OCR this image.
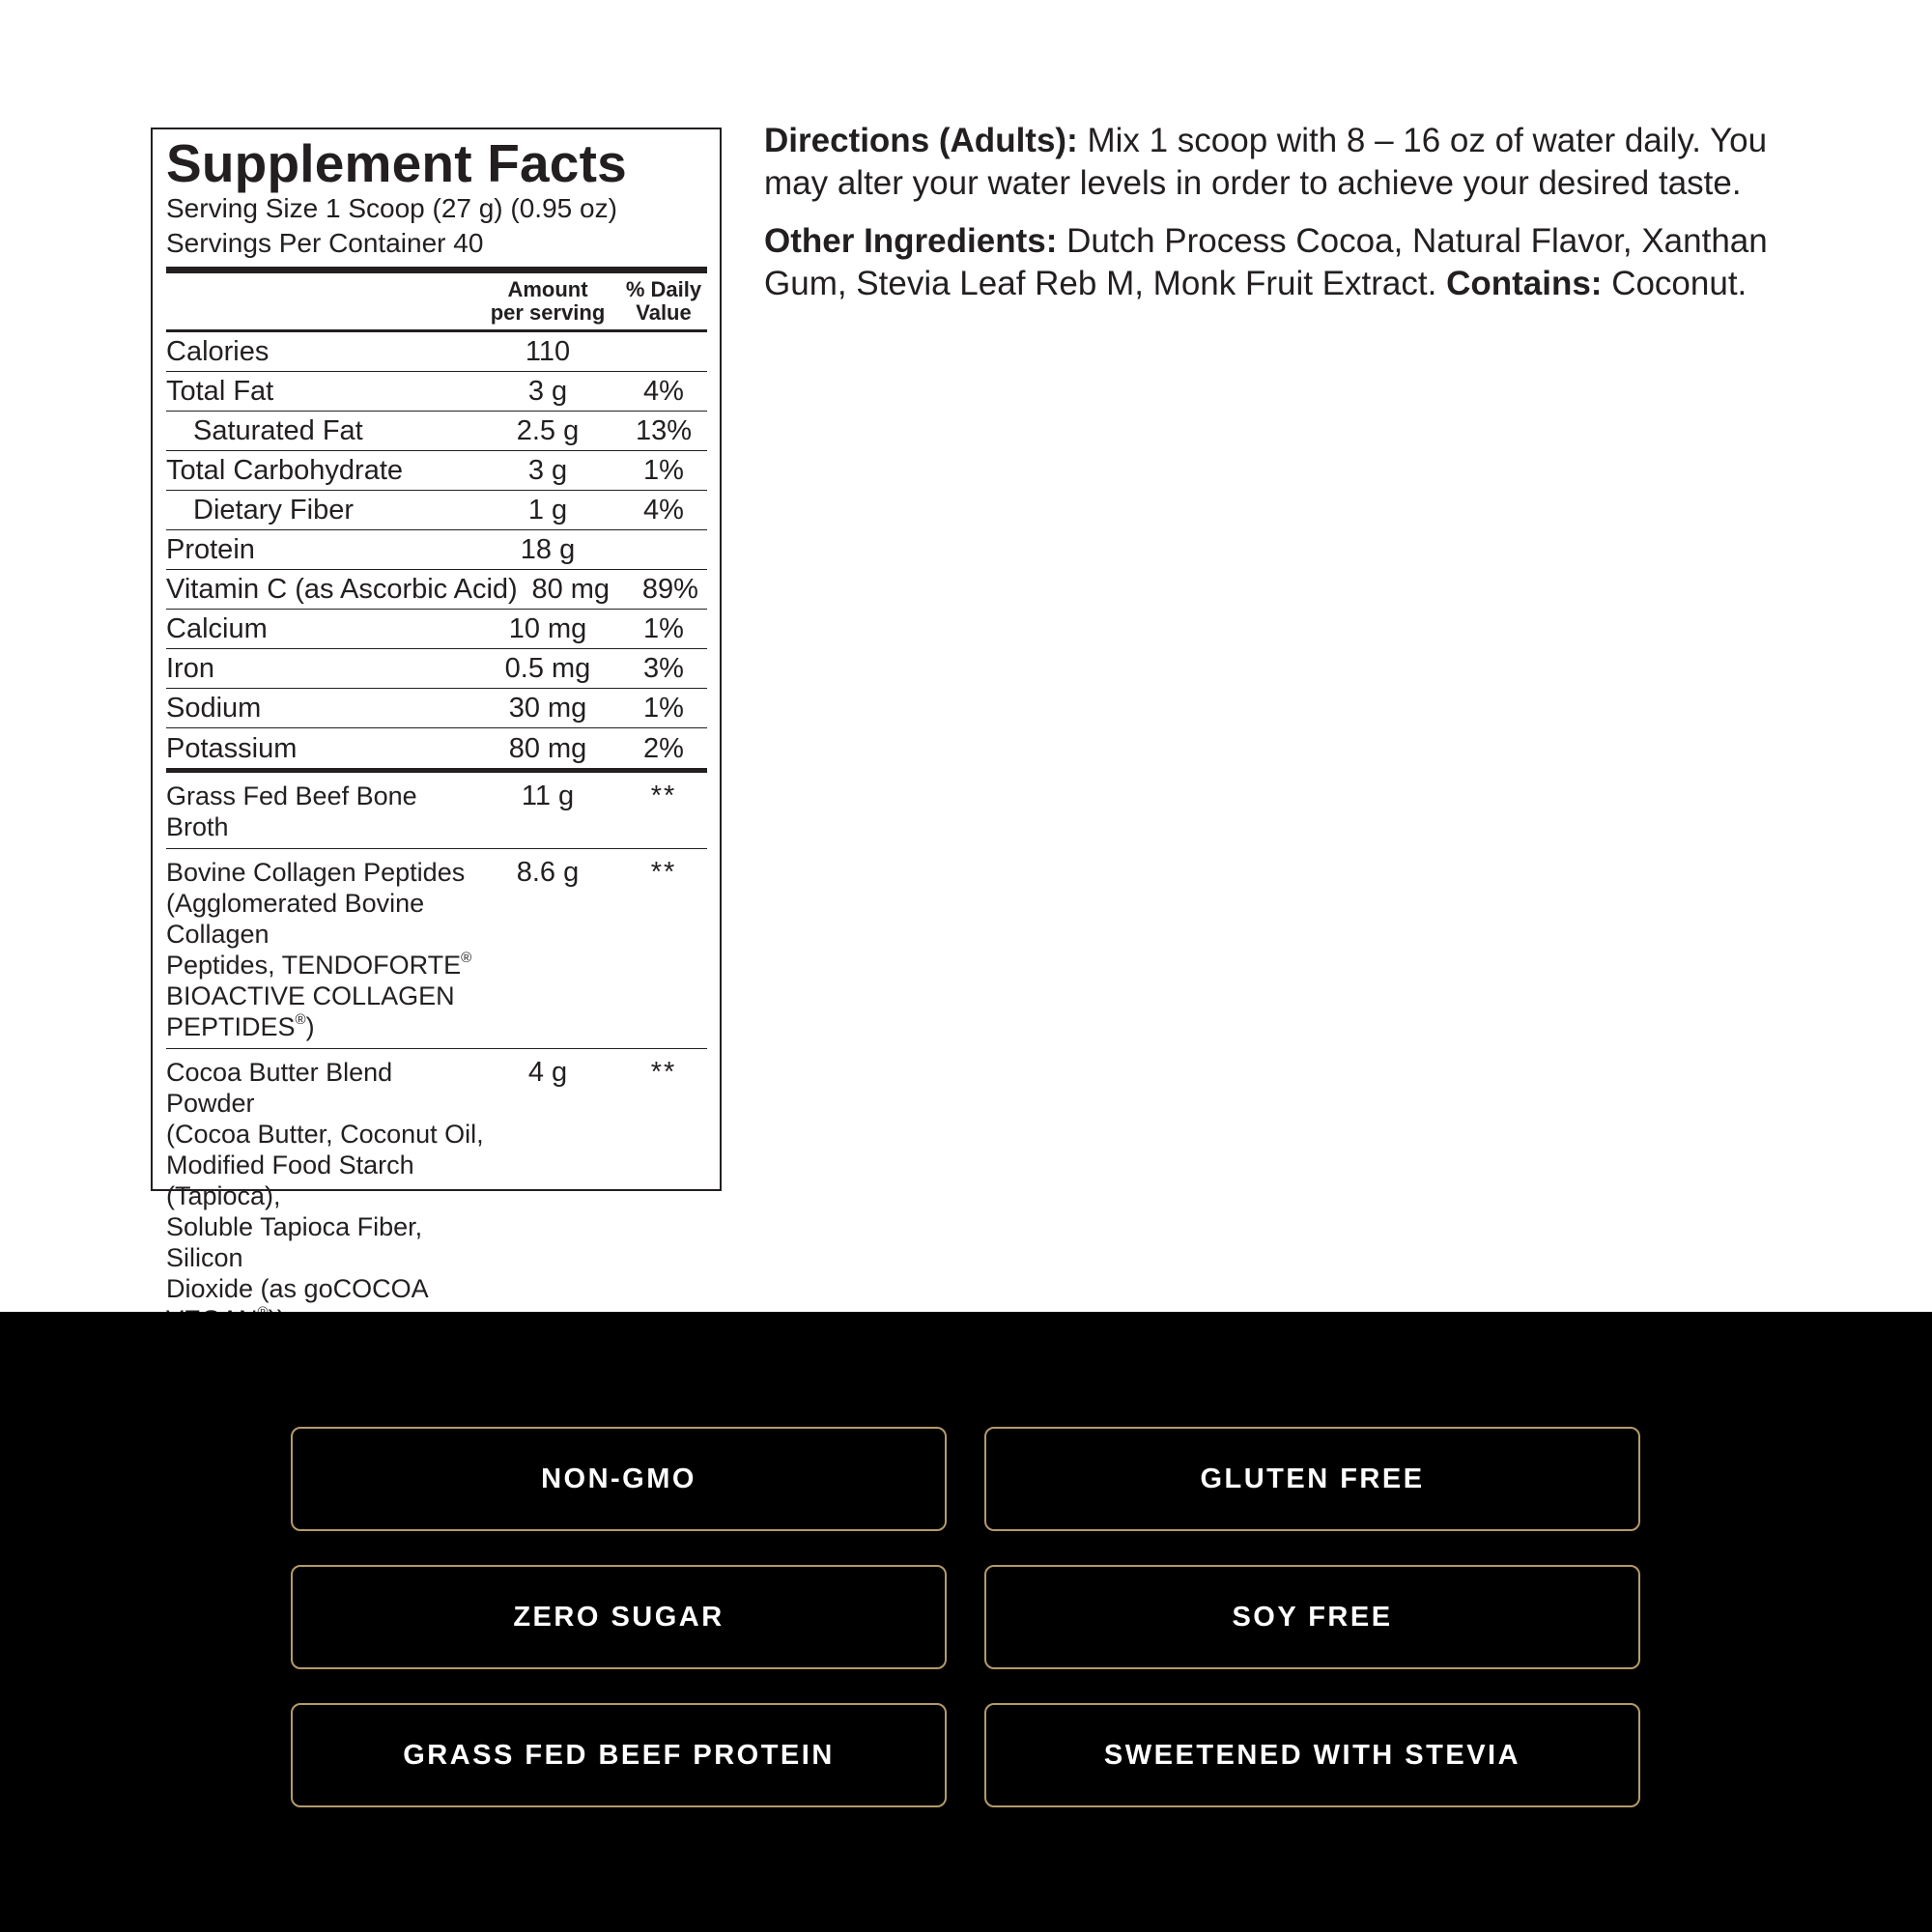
Supplement Facts
Serving Size 1 Scoop (27 g) (0.95 oz)
Servings Per Container 40
Amount
per serving
% Daily
Value
Calories	110
Total Fat	3 g	4%
Saturated Fat	2.5 g	13%
Total Carbohydrate	3 g	1%
Dietary Fiber	1 g	4%
Protein	18 g
Vitamin C (as Ascorbic Acid) 80 mg	89%
Calcium	10 mg	1%
Iron	0.5 mg	3%
Sodium	30 mg	1%
Potassium	80 mg	2%
Grass Fed Beef Bone Broth
11 g	**
Bovine Collagen Peptides
(Agglomerated Bovine Collagen
Peptides, TENDOFORTE®
BIOACTIVE COLLAGEN PEPTIDES®)
8.6 g	**
Cocoa Butter Blend Powder
(Cocoa Butter, Coconut Oil,
Modified Food Starch (Tapioca),
Soluble Tapioca Fiber, Silicon
Dioxide (as goCOCOA
4 g	**

Directions (Adults): Mix 1 scoop with 8 – 16 oz of water daily. You may alter your water levels in order to achieve your desired taste.

Other Ingredients: Dutch Process Cocoa, Natural Flavor, Xanthan Gum, Stevia Leaf Reb M, Monk Fruit Extract. Contains: Coconut.

NON-GMO	GLUTEN FREE
ZERO SUGAR	SOY FREE
GRASS FED BEEF PROTEIN	SWEETENED WITH STEVIA
